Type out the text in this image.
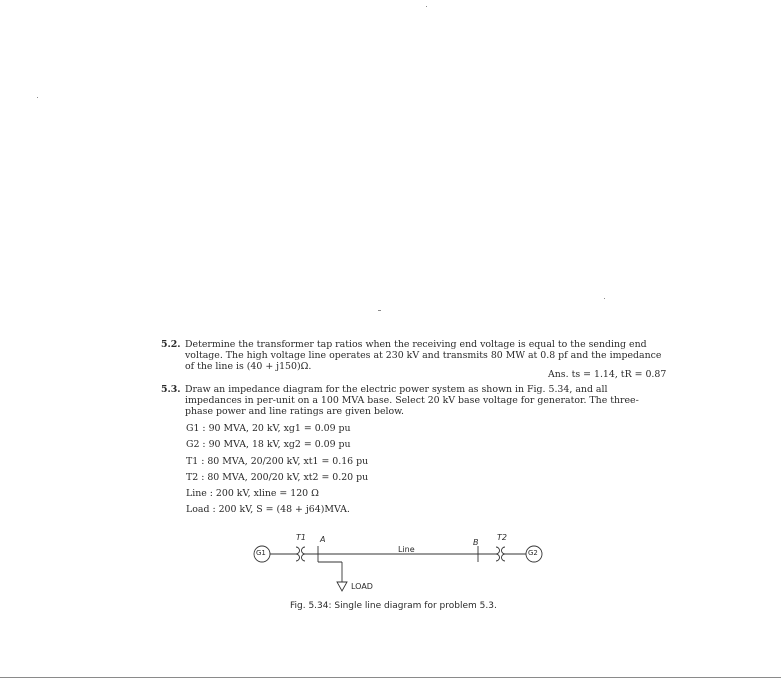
5.2. Determine the transformer tap ratios when the receiving end voltage is equal to the sending end voltage. The high voltage line operates at 230 kV and transmits 80 MW at 0.8 pf and the impedance of the line is (40 + j150)Ω.
Ans. ts = 1.14, tR = 0.87
5.3. Draw an impedance diagram for the electric power system as shown in Fig. 5.34, and all impedances in per-unit on a 100 MVA base. Select 20 kV base voltage for generator. The three-phase power and line ratings are given below.
G1 : 90 MVA, 20 kV, xg1 = 0.09 pu
G2 : 90 MVA, 18 kV, xg2 = 0.09 pu
T1 : 80 MVA, 20/200 kV, xt1 = 0.16 pu
T2 : 80 MVA, 200/20 kV, xt2 = 0.20 pu
Line : 200 kV, xline = 120 Ω
Load : 200 kV, S = (48 + j64)MVA.
G1	G2
T1	T2
A	B
Line
LOAD
Fig. 5.34: Single line diagram for problem 5.3.
